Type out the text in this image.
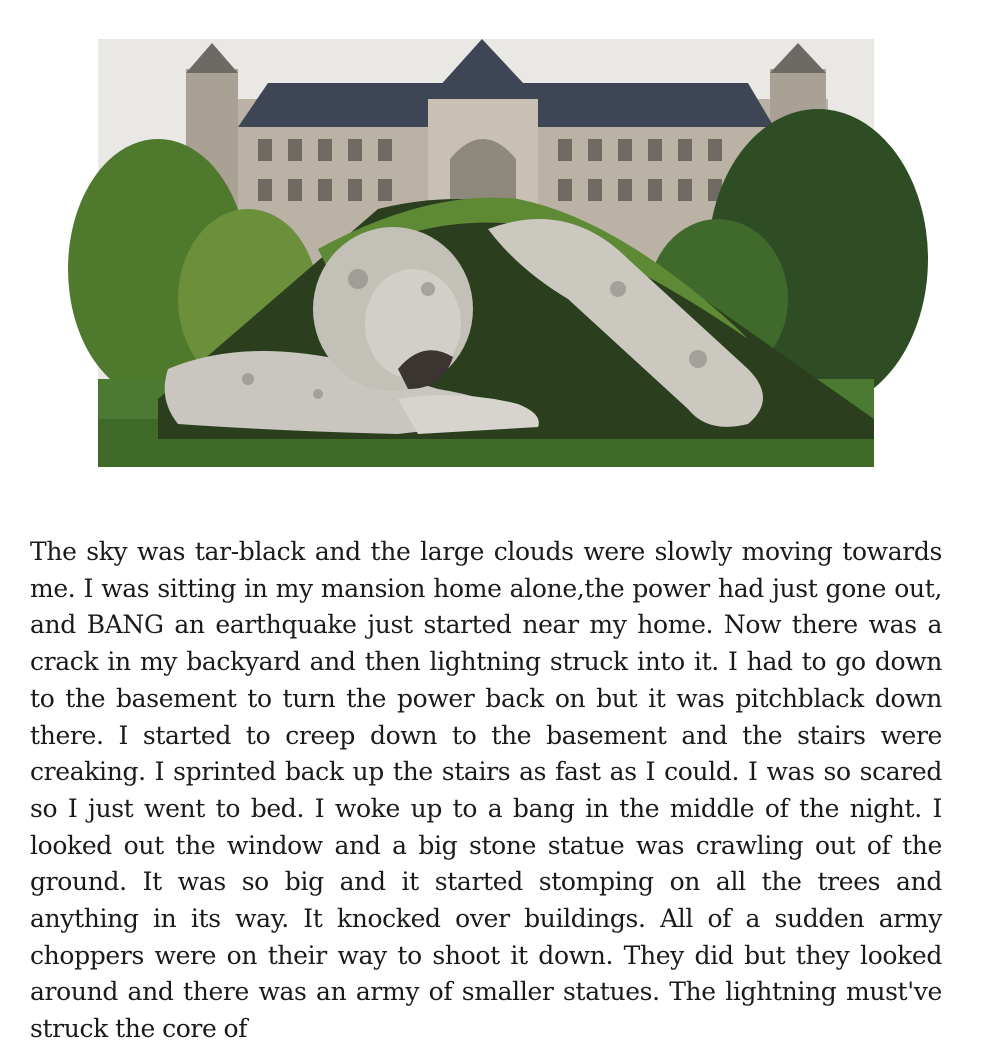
The sky was tar-black and the large clouds were slowly moving towards me. I was sitting in my mansion home alone,the power had just gone out, and BANG an earthquake just started near my home. Now there was a crack in my backyard and then lightning struck into it. I had to go down to the basement to turn the power back on but it was pitchblack down there. I started to creep down to the basement and the stairs were creaking. I sprinted back up the stairs as fast as I could. I was so scared so I just went to bed. I woke up to a bang in the middle of the night. I looked out the window and a big stone statue was crawling out of the ground. It was so big and it started stomping on all the trees and anything in its way. It knocked over buildings. All of a sudden army choppers were on their way to shoot it down. They did but they looked around and there was an army of smaller statues. The lightning must've struck the core of
